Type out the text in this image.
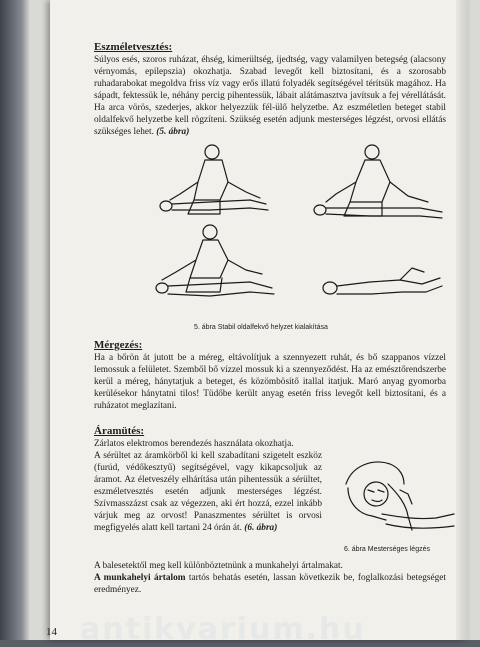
Eszméletvesztés:

Súlyos esés, szoros ruházat, éhség, kimerültség, ijedtség, vagy valamilyen betegség (alacsony vérnyomás, epilepszia) okozhatja. Szabad levegőt kell biztosítani, és a szorosabb ruhadarabokat megoldva friss víz vagy erős illatú folyadék segítségével térítsük magához. Ha sápadt, fektessük le, néhány percig pihentessük, lábait alátámasztva javítsuk a fej vérellátását. Ha arca vörös, szederjes, akkor helyezzük fél-ülő helyzetbe. Az eszméletlen beteget stabil oldalfekvő helyzetbe kell rögzíteni. Szükség esetén adjunk mesterséges légzést, orvosi ellátás szükséges lehet. (5. ábra)

5. ábra Stabil oldalfekvő helyzet kialakítása
Mérgezés:

Ha a bőrön át jutott be a méreg, eltávolítjuk a szennyezett ruhát, és bő szappanos vízzel lemossuk a felületet. Szemből bő vízzel mossuk ki a szennyeződést. Ha az emésztőrendszerbe kerül a méreg, hánytatjuk a beteget, és közömbösítő itallal itatjuk. Maró anyag gyomorba kerülésekor hánytatni tilos! Tüdőbe került anyag esetén friss levegőt kell biztosítani, és a ruházatot meglazítani.

Áramütés:

Zárlatos elektromos berendezés használata okozhatja.

A sérültet az áramkörből ki kell szabadítani szigetelt eszköz (furúd, védőkesztyű) segítségével, vagy kikapcsoljuk az áramot. Az életveszély elhárítása után pihentessük a sérültet, eszméletvesztés esetén adjunk mesterséges légzést. Szívmasszázst csak az végezzen, aki ért hozzá, ezzel inkább várjuk meg az orvost! Panaszmentes sérültet is orvosi megfigyelés alatt kell tartani 24 órán át. (6. ábra)

6. ábra Mesterséges légzés

A balesetektől meg kell különböztetnünk a munkahelyi ártalmakat.

A munkahelyi ártalom tartós behatás esetén, lassan következik be, foglalkozási betegséget eredményez.

14 antikvarium.hu
